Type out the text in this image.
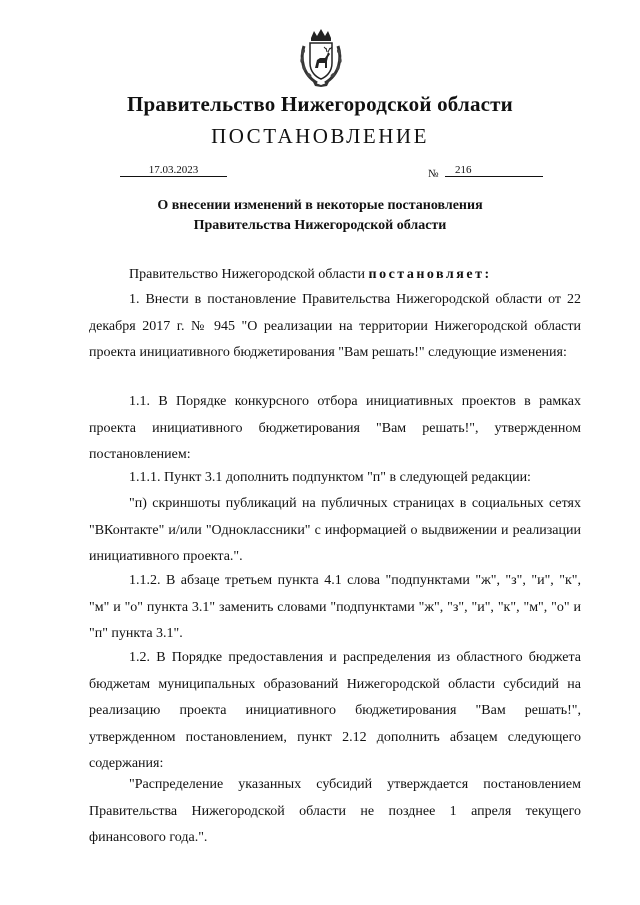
Правительство Нижегородской области
ПОСТАНОВЛЕНИЕ
17.03.2023	№	216
О внесении изменений в некоторые постановления
Правительства Нижегородской области
Правительство Нижегородской области постановляет:
1. Внести в постановление Правительства Нижегородской области от 22 декабря 2017 г. № 945 "О реализации на территории Нижегородской области проекта инициативного бюджетирования "Вам решать!" следующие изменения:
1.1. В Порядке конкурсного отбора инициативных проектов в рамках проекта инициативного бюджетирования "Вам решать!", утвержденном постановлением:
1.1.1. Пункт 3.1 дополнить подпунктом "п" в следующей редакции:
"п) скриншоты публикаций на публичных страницах в социальных сетях "ВКонтакте" и/или "Одноклассники" с информацией о выдвижении и реализации инициативного проекта.".
1.1.2. В абзаце третьем пункта 4.1 слова "подпунктами "ж", "з", "и", "к", "м" и "о" пункта 3.1" заменить словами "подпунктами "ж", "з", "и", "к", "м", "о" и "п" пункта 3.1".
1.2. В Порядке предоставления и распределения из областного бюджета бюджетам муниципальных образований Нижегородской области субсидий на реализацию проекта инициативного бюджетирования "Вам решать!", утвержденном постановлением, пункт 2.12 дополнить абзацем следующего содержания:
"Распределение указанных субсидий утверждается постановлением Правительства Нижегородской области не позднее 1 апреля текущего финансового года.".
